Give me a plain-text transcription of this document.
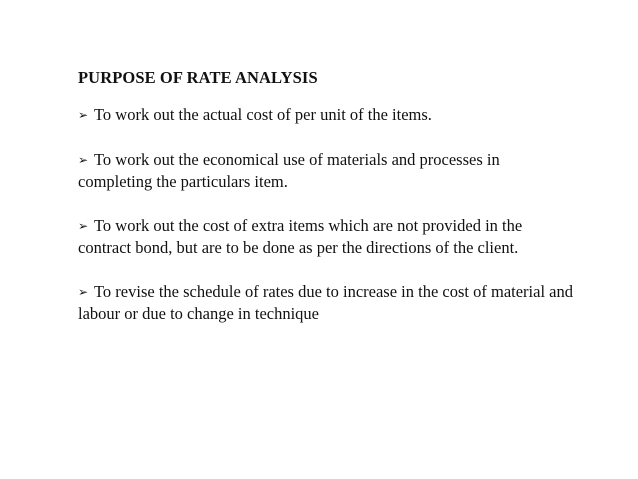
PURPOSE OF RATE ANALYSIS
➢ To work out the actual cost of per unit of the items.
➢ To work out the economical use of materials and processes in completing the particulars item.
➢ To work out the cost of extra items which are not provided in the contract bond, but are to be done as per the directions of the client.
➢ To revise the schedule of rates due to increase in the cost of material and labour or due to change in technique
